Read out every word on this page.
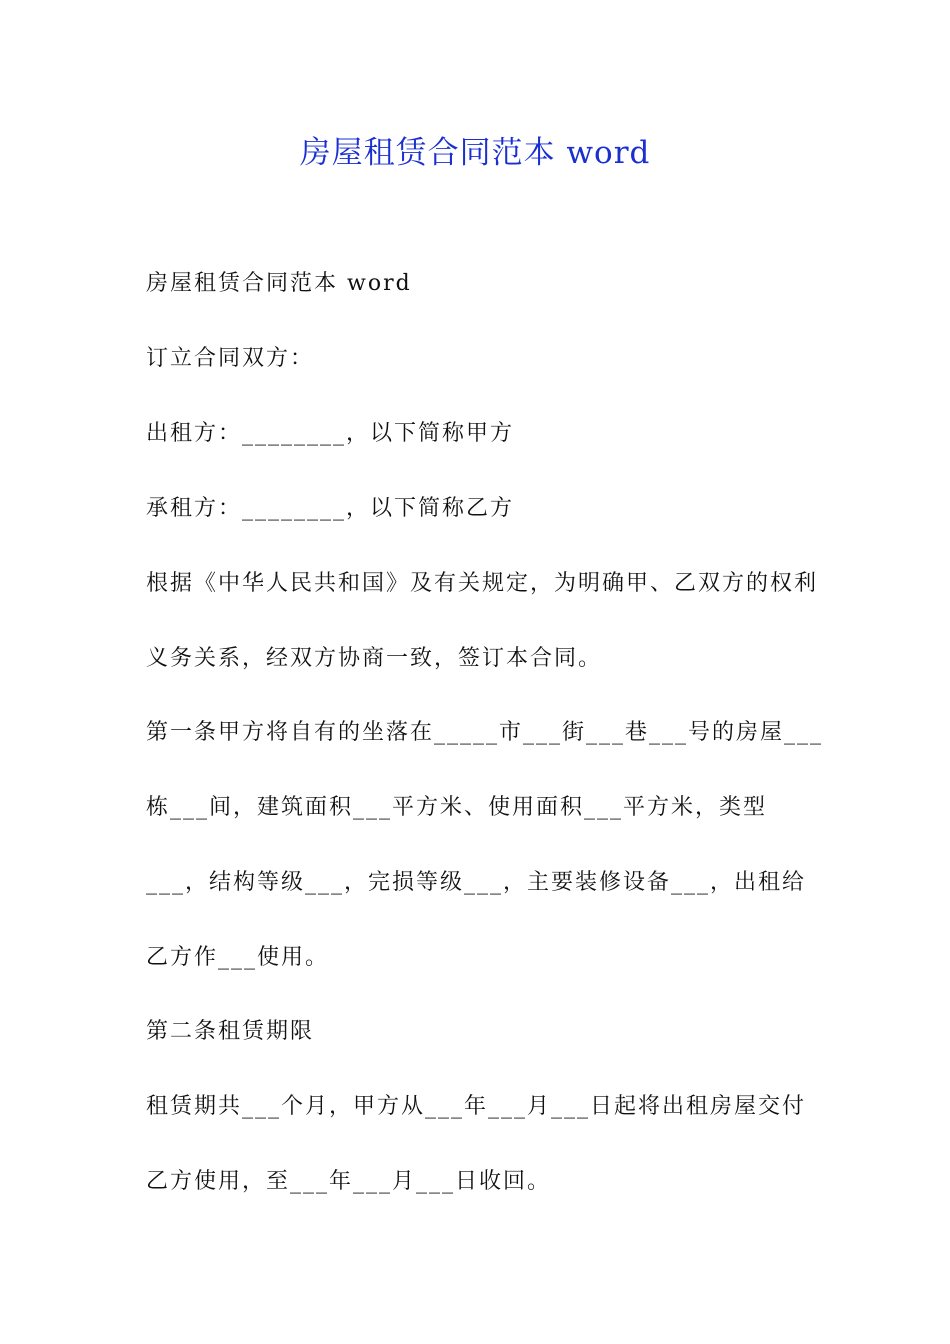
房屋租赁合同范本 word

房屋租赁合同范本 word

订立合同双方：

出租方：________，以下简称甲方

承租方：________，以下简称乙方

根据《中华人民共和国》及有关规定，为明确甲、乙双方的权利义务关系，经双方协商一致，签订本合同。

第一条甲方将自有的坐落在_____市___街___巷___号的房屋___栋___间，建筑面积___平方米、使用面积___平方米，类型___，结构等级___，完损等级___，主要装修设备___，出租给乙方作___使用。

第二条租赁期限

租赁期共___个月，甲方从___年___月___日起将出租房屋交付乙方使用，至___年___月___日收回。
